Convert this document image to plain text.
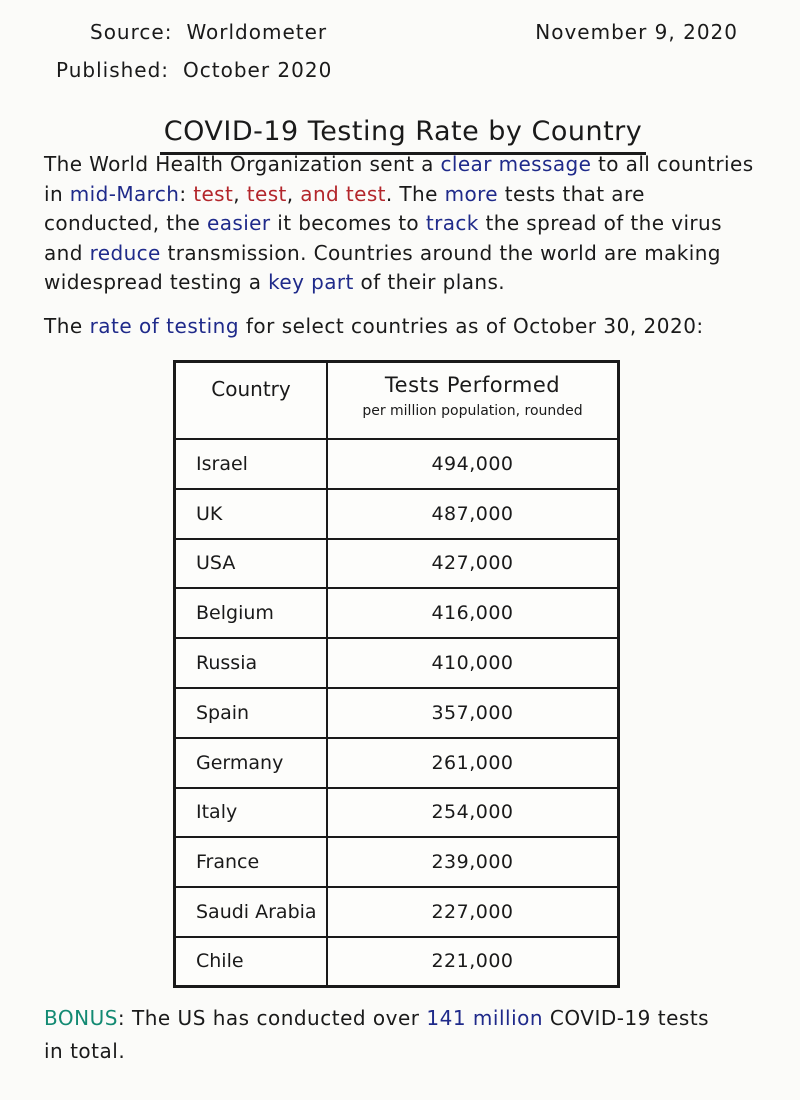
Source: Worldometer	November 9, 2020
Published: October 2020
COVID-19 Testing Rate by Country

The World Health Organization sent a clear message to all countries in mid-March: test, test, and test. The more tests that are conducted, the easier it becomes to track the spread of the virus and reduce transmission. Countries around the world are making widespread testing a key part of their plans.

The rate of testing for select countries as of October 30, 2020:

Country	Tests Performed
per million population, rounded

Israel	494,000
UK	487,000
USA	427,000
Belgium	416,000
Russia	410,000
Spain	357,000
Germany	261,000
Italy	254,000
France	239,000
Saudi Arabia	227,000
Chile	221,000

BONUS: The US has conducted over 141 million COVID-19 tests in total.
